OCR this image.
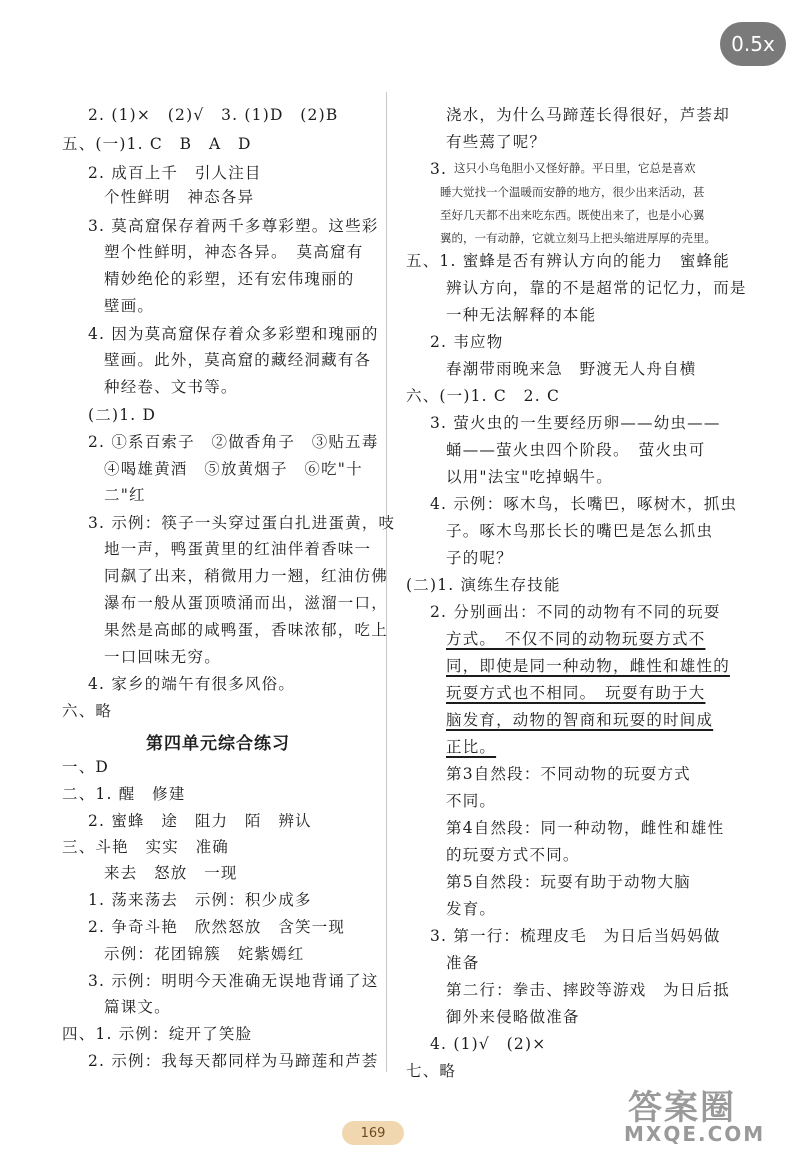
0.5x
2. (1)×　(2)√　3. (1)D　(2)B
五、(一)1. C　B　A　D
2. 成百上千　引人注目
个性鲜明　神态各异
3. 莫高窟保存着两千多尊彩塑。这些彩
塑个性鲜明，神态各异。　莫高窟有
精妙绝伦的彩塑，还有宏伟瑰丽的
壁画。
4. 因为莫高窟保存着众多彩塑和瑰丽的
壁画。此外，莫高窟的藏经洞藏有各
种经卷、文书等。
(二)1. D
2. ①系百索子　②做香角子　③贴五毒
④喝雄黄酒　⑤放黄烟子　⑥吃"十
二"红
3. 示例：筷子一头穿过蛋白扎进蛋黄，吱
地一声，鸭蛋黄里的红油伴着香味一
同飙了出来，稍微用力一翘，红油仿佛
瀑布一般从蛋顶喷涌而出，滋溜一口，
果然是高邮的咸鸭蛋，香味浓郁，吃上
一口回味无穷。
4. 家乡的端午有很多风俗。
六、略
第四单元综合练习
一、D
二、1. 醒　修建
2. 蜜蜂　途　阻力　陌　辨认
三、斗艳　实实　准确
来去　怒放　一现
1. 荡来荡去　示例：积少成多
2. 争奇斗艳　欣然怒放　含笑一现
示例：花团锦簇　姹紫嫣红
3. 示例：明明今天准确无误地背诵了这
篇课文。
四、1. 示例：绽开了笑脸
2. 示例：我每天都同样为马蹄莲和芦荟
浇水，为什么马蹄莲长得很好，芦荟却
有些蔫了呢？
3. 这只小乌龟胆小又怪好静。平日里，它总是喜欢
睡大觉找一个温暖而安静的地方，很少出来活动，甚
至好几天都不出来吃东西。既使出来了，也是小心翼
翼的，一有动静，它就立刻马上把头缩进厚厚的壳里。
五、1. 蜜蜂是否有辨认方向的能力　蜜蜂能
辨认方向，靠的不是超常的记忆力，而是
一种无法解释的本能
2. 韦应物
春潮带雨晚来急　野渡无人舟自横
六、(一)1. C　2. C
3. 萤火虫的一生要经历卵——幼虫——
蛹——萤火虫四个阶段。　萤火虫可
以用"法宝"吃掉蜗牛。
4. 示例：啄木鸟，长嘴巴，啄树木，抓虫
子。啄木鸟那长长的嘴巴是怎么抓虫
子的呢？
(二)1. 演练生存技能
2. 分别画出：不同的动物有不同的玩耍
方式。　不仅不同的动物玩耍方式不
同，即使是同一种动物，雌性和雄性的
玩耍方式也不相同。　玩耍有助于大
脑发育，动物的智商和玩耍的时间成
正比。
第3自然段：不同动物的玩耍方式
不同。
第4自然段：同一种动物，雌性和雄性
的玩耍方式不同。
第5自然段：玩耍有助于动物大脑
发育。
3. 第一行：梳理皮毛　为日后当妈妈做
准备
第二行：拳击、摔跤等游戏　为日后抵
御外来侵略做准备
4. (1)√　(2)×
七、略
169
答案圈
MXQE.COM
